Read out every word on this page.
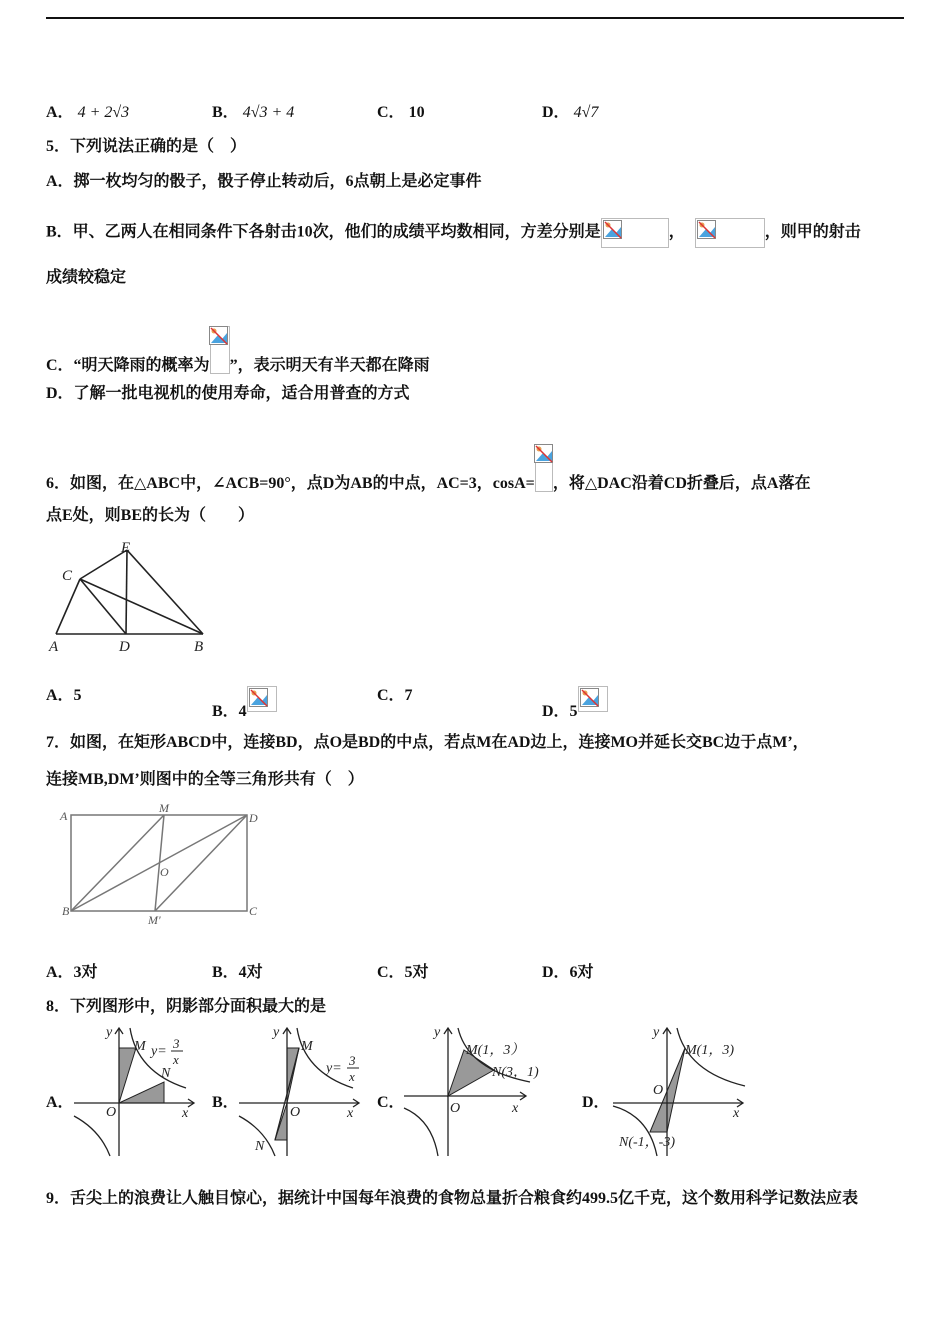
A． 4 + 2√3	B． 4√3 + 4	C． 10	D． 4√7
5．下列说法正确的是（　）
A．掷一枚均匀的骰子，骰子停止转动后，6点朝上是必定事件
B．甲、乙两人在相同条件下各射击10次，他们的成绩平均数相同，方差分别是	，	，则甲的射击
成绩较稳定
C．“明天降雨的概率为 ”，表示明天有半天都在降雨
D．了解一批电视机的使用寿命，适合用普查的方式
6．如图，在△ABC中，∠ACB=90°，点D为AB的中点，AC=3，cosA= ，将△DAC沿着CD折叠后，点A落在
点E处，则BE的长为（　　）
E
C
A	D	B
A．5
B．4
C．7
D．5
7．如图，在矩形ABCD中，连接BD，点O是BD的中点，若点M在AD边上，连接MO并延长交BC边于点M’，
连接MB,DM’则图中的全等三角形共有（　）
A
M
D
O
B
M'
C
A．3对	B．4对	C．5对	D．6对
8．下列图形中，阴影部分面积最大的是
A．
y
x
O
M
N
y=
3
x
B．
y
x
O
M
N
y=
3
x
C．
y
x
O
M(1，3）
N(3，1)
D．
y
x
O
M(1，3)
N(-1，-3)
9．舌尖上的浪费让人触目惊心，据统计中国每年浪费的食物总量折合粮食约499.5亿千克，这个数用科学记数法应表
